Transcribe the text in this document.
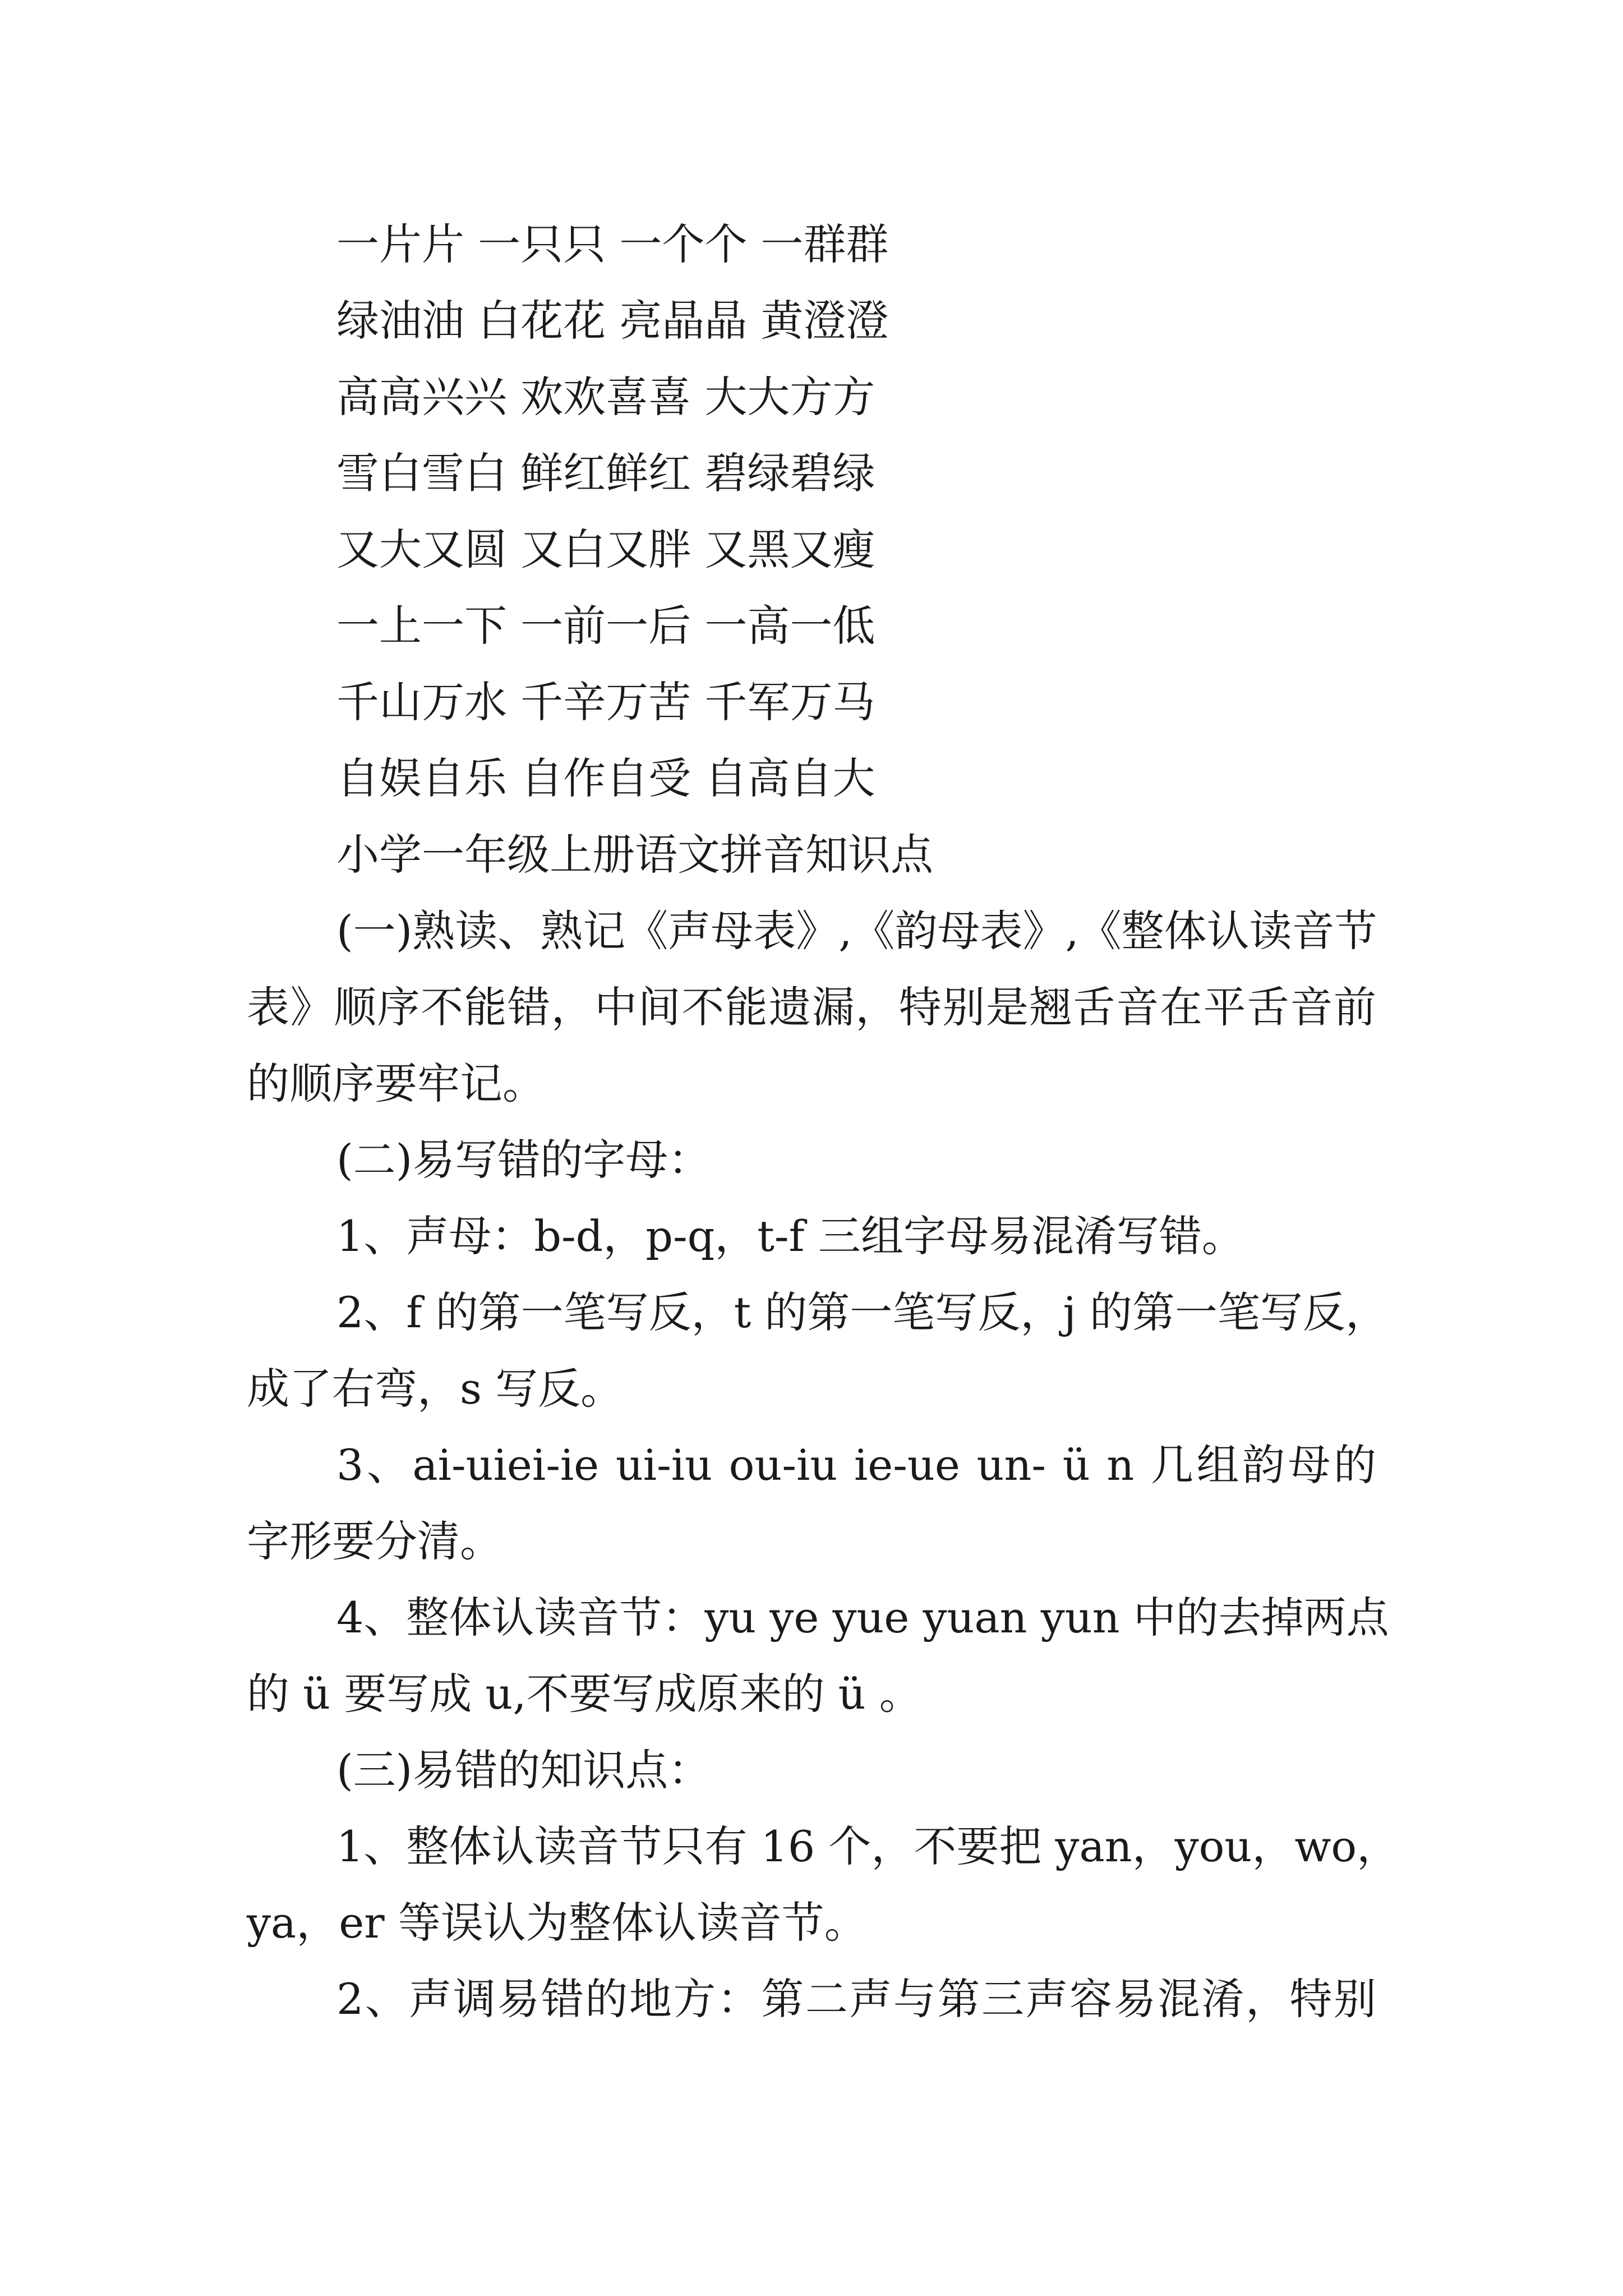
一片片 一只只 一个个 一群群
绿油油 白花花 亮晶晶 黄澄澄
高高兴兴 欢欢喜喜 大大方方
雪白雪白 鲜红鲜红 碧绿碧绿
又大又圆 又白又胖 又黑又瘦
一上一下 一前一后 一高一低
千山万水 千辛万苦 千军万马
自娱自乐 自作自受 自高自大
小学一年级上册语文拼音知识点
(一)熟读、熟记《声母表》,《韵母表》,《整体认读音节
表》顺序不能错，中间不能遗漏，特别是翘舌音在平舌音前
的顺序要牢记。
(二)易写错的字母：
1、声母：b-d，p-q，t-f 三组字母易混淆写错。
2、f 的第一笔写反，t 的第一笔写反，j 的第一笔写反，
成了右弯，s 写反。
3、ai-uiei-ie ui-iu ou-iu ie-ue un- ü n 几组韵母的
字形要分清。
4、整体认读音节：yu ye yue yuan yun 中的去掉两点
的 ü 要写成 u,不要写成原来的 ü 。
(三)易错的知识点：
1、整体认读音节只有 16 个，不要把 yan，you，wo，
ya，er 等误认为整体认读音节。
2、声调易错的地方：第二声与第三声容易混淆，特别
